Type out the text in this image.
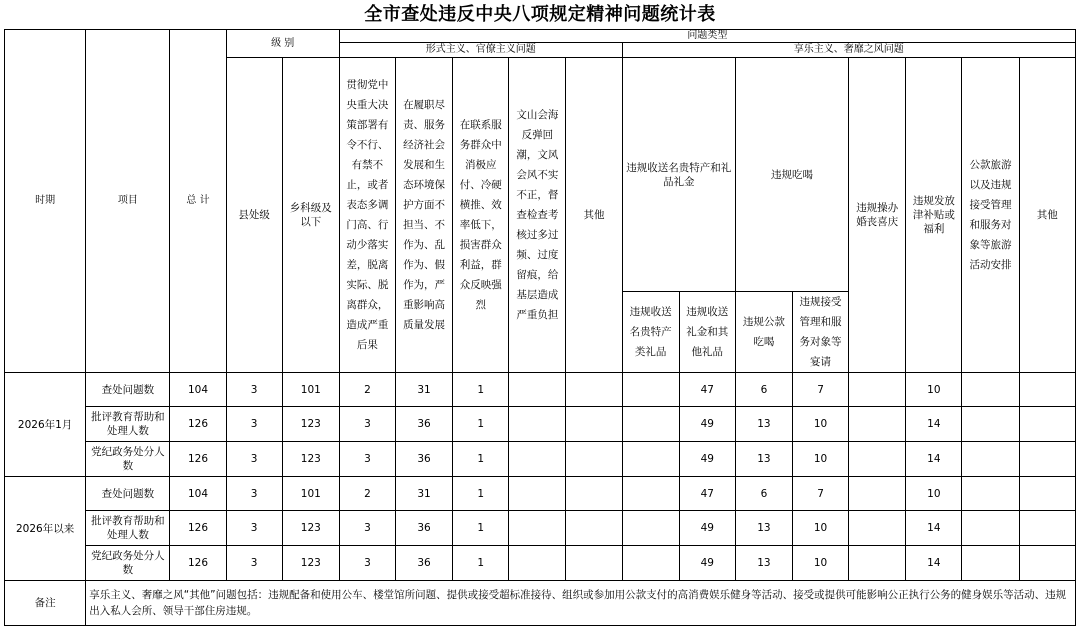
全市查处违反中央八项规定精神问题统计表
时期	项目	总 计	级 别		问题类型												
					形式主义、官僚主义问题					享乐主义、奢靡之风问题							
			县处级	乡科级及以下	贯彻党中央重大决策部署有令不行、有禁不止，或者表态多调门高、行动少落实差，脱离实际、脱离群众，造成严重后果	在履职尽责、服务经济社会发展和生态环境保护方面不担当、不作为、乱作为、假作为，严重影响高质量发展	在联系服务群众中消极应付、冷硬横推、效率低下，损害群众利益，群众反映强烈	文山会海反弹回潮，文风会风不实不正，督查检查考核过多过频、过度留痕，给基层造成严重负担	其他	违规收送名贵特产和礼品礼金		违规吃喝		违规操办婚丧喜庆	违规发放津补贴或福利	公款旅游以及违规接受管理和服务对象等旅游活动安排	其他
										违规收送名贵特产类礼品	违规收送礼金和其他礼品	违规公款吃喝	违规接受管理和服务对象等宴请				
2026年1月	查处问题数	104	3	101	2	31	1				47	6	7		10		
	批评教育帮助和处理人数	126	3	123	3	36	1				49	13	10		14		
	党纪政务处分人数	126	3	123	3	36	1				49	13	10		14		
2026年以来	查处问题数	104	3	101	2	31	1				47	6	7		10		
	批评教育帮助和处理人数	126	3	123	3	36	1				49	13	10		14		
	党纪政务处分人数	126	3	123	3	36	1				49	13	10		14		
备注	享乐主义、奢靡之风“其他”问题包括：违规配备和使用公车、楼堂馆所问题、提供或接受超标准接待、组织或参加用公款支付的高消费娱乐健身等活动、接受或提供可能影响公正执行公务的健身娱乐等活动、违规出入私人会所、领导干部住房违规。																
